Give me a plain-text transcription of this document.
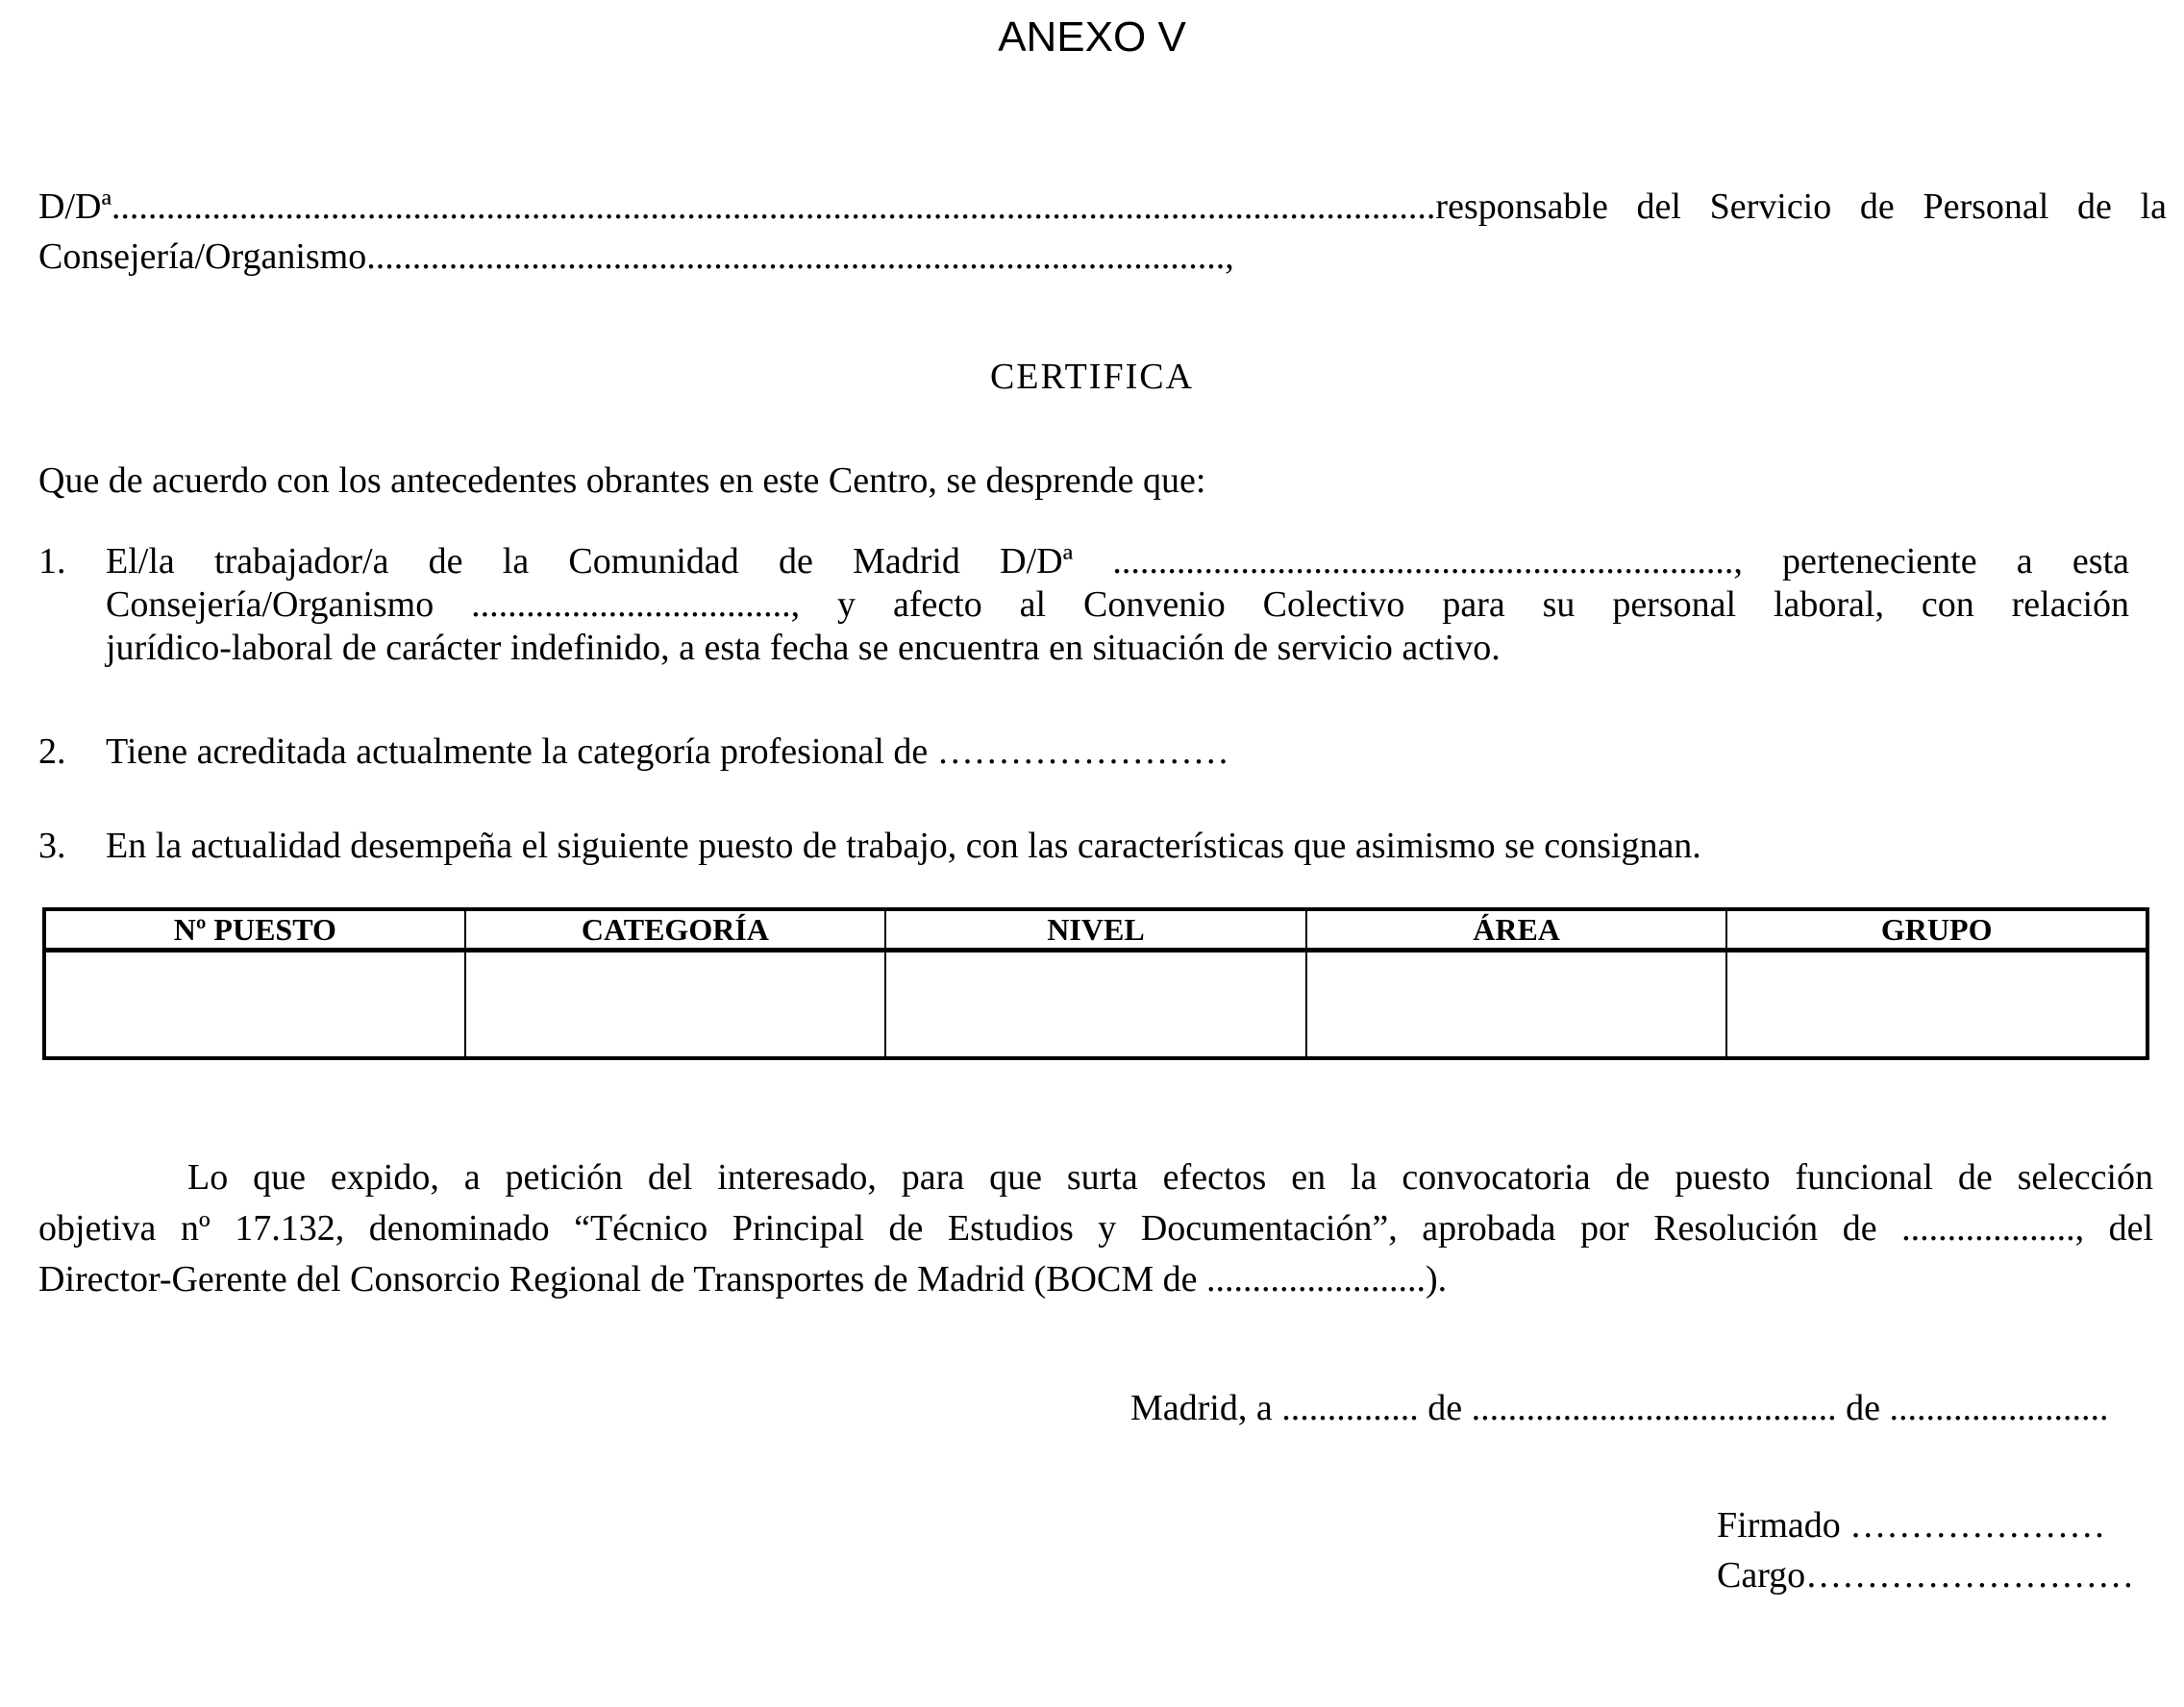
ANEXO V
D/Dª.................................................................................................................................................responsable del Servicio de Personal de la
Consejería/Organismo..............................................................................................,
CERTIFICA
Que de acuerdo con los antecedentes obrantes en este Centro, se desprende que:
1. El/la trabajador/a de la Comunidad de Madrid D/Dª ...................................................................., perteneciente a esta
Consejería/Organismo ..................................., y afecto al Convenio Colectivo para su personal laboral, con relación
jurídico-laboral de carácter indefinido, a esta fecha se encuentra en situación de servicio activo.
2. Tiene acreditada actualmente la categoría profesional de ……………………
3. En la actualidad desempeña el siguiente puesto de trabajo, con las características que asimismo se consignan.
Nº PUESTO	CATEGORÍA	NIVEL	ÁREA	GRUPO

Lo que expido, a petición del interesado, para que surta efectos en la convocatoria de puesto funcional de selección
objetiva nº 17.132, denominado “Técnico Principal de Estudios y Documentación”, aprobada por Resolución de ..................., del
Director-Gerente del Consorcio Regional de Transportes de Madrid (BOCM de ........................).
Madrid, a ............... de ........................................ de ........................
Firmado …………………
Cargo………………………
